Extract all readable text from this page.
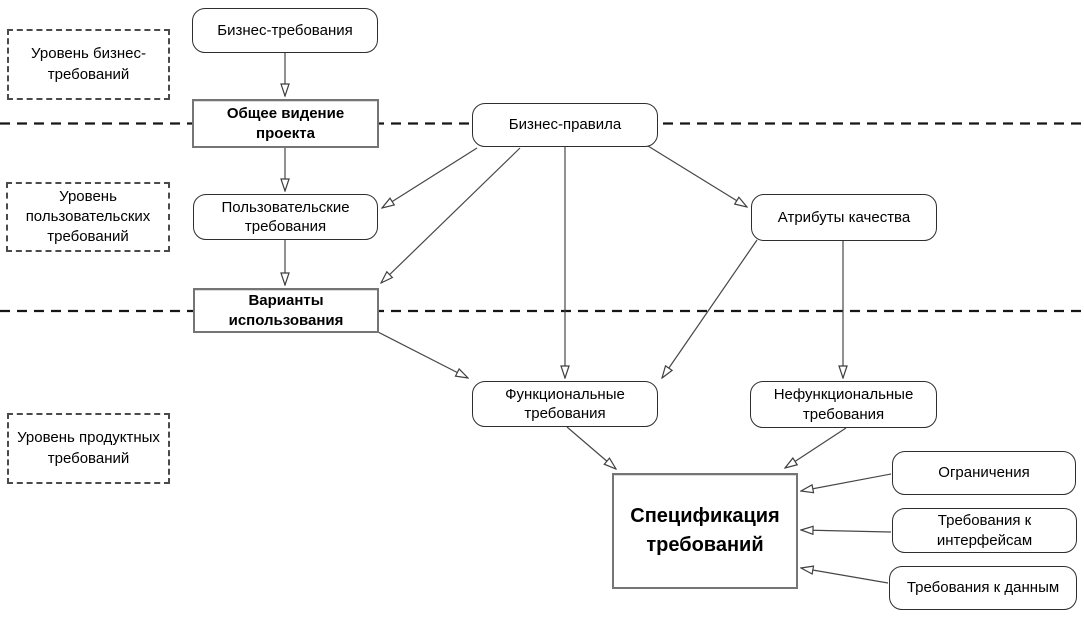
Уровень бизнес-требований
Уровень пользовательских требований
Уровень продуктных требований
Бизнес-требования
Общее видение проекта	Бизнес-правила
Пользовательские требования
Атрибуты качества
Варианты использования
Функциональные требования
Нефункциональные требования
Спецификация требований
Ограничения
Требования к интерфейсам
Требования к данным
